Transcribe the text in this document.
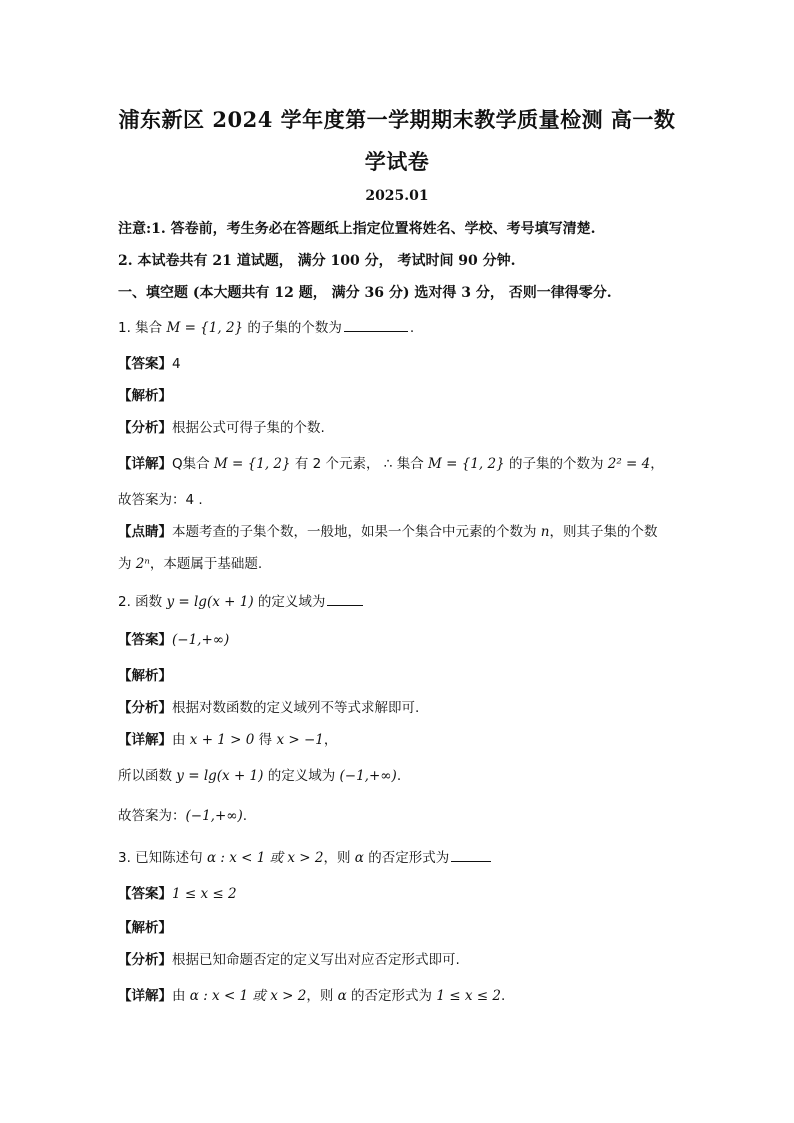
浦东新区 2024 学年度第一学期期末教学质量检测 高一数
学试卷
2025.01
注意:1. 答卷前，考生务必在答题纸上指定位置将姓名、学校、考号填写清楚.
2. 本试卷共有 21 道试题， 满分 100 分， 考试时间 90 分钟.
一、填空题 (本大题共有 12 题， 满分 36 分) 选对得 3 分， 否则一律得零分.
1. 集合 M = {1, 2} 的子集的个数为	.
【答案】4
【解析】
【分析】根据公式可得子集的个数.
【详解】Q集合 M = {1, 2} 有 2 个元素， ∴ 集合 M = {1, 2} 的子集的个数为 2² = 4，
故答案为：4 .
【点睛】本题考查的子集个数，一般地，如果一个集合中元素的个数为 n，则其子集的个数
为 2ⁿ，本题属于基础题.
2. 函数 y = lg(x + 1) 的定义域为
【答案】(−1,+∞)
【解析】
【分析】根据对数函数的定义域列不等式求解即可.
【详解】由 x + 1 > 0 得 x > −1，
所以函数 y = lg(x + 1) 的定义域为 (−1,+∞).
故答案为：(−1,+∞).
3. 已知陈述句 α : x < 1 或 x > 2，则 α 的否定形式为
【答案】1 ≤ x ≤ 2
【解析】
【分析】根据已知命题否定的定义写出对应否定形式即可.
【详解】由 α : x < 1 或 x > 2，则 α 的否定形式为 1 ≤ x ≤ 2.
